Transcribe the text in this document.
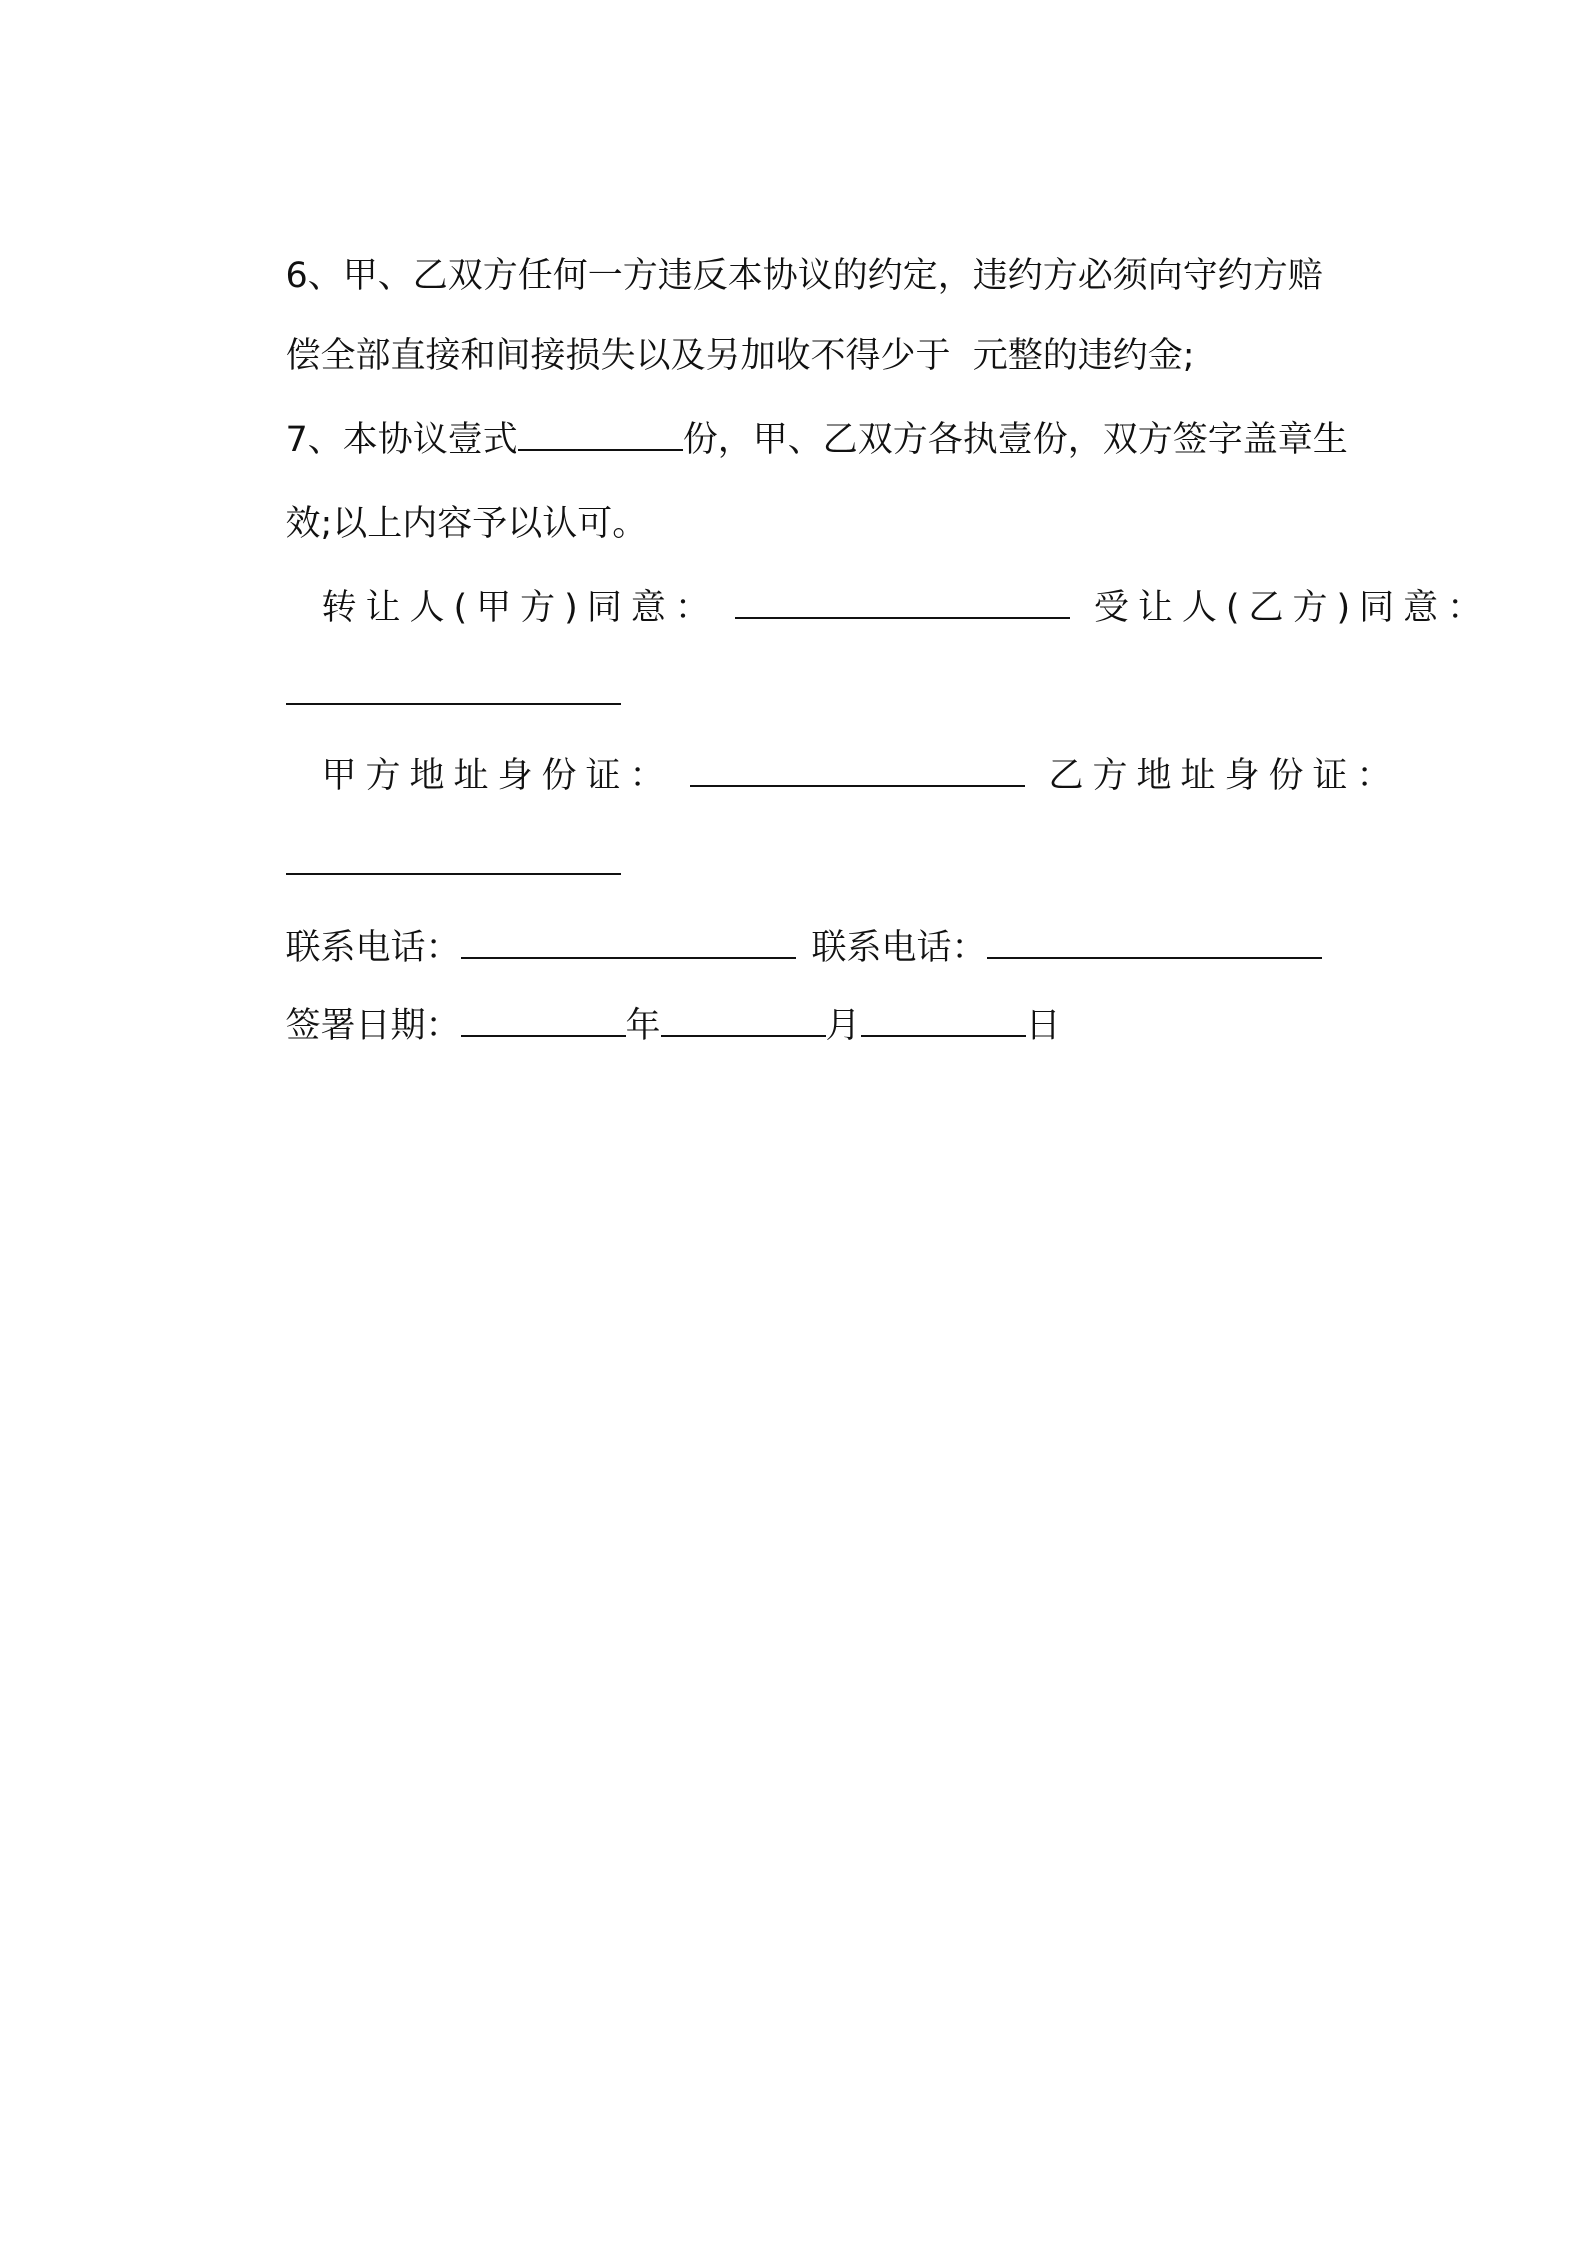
6、甲、乙双方任何一方违反本协议的约定，违约方必须向守约方赔

偿全部直接和间接损失以及另加收不得少于  元整的违约金;

7、本协议壹式	份，甲、乙双方各执壹份，双方签字盖章生

效;以上内容予以认可。

转让人(甲方)同意：	受让人(乙方)同意：

甲方地址身份证：	乙方地址身份证：

联系电话：	联系电话：

签署日期：	年	月	日
